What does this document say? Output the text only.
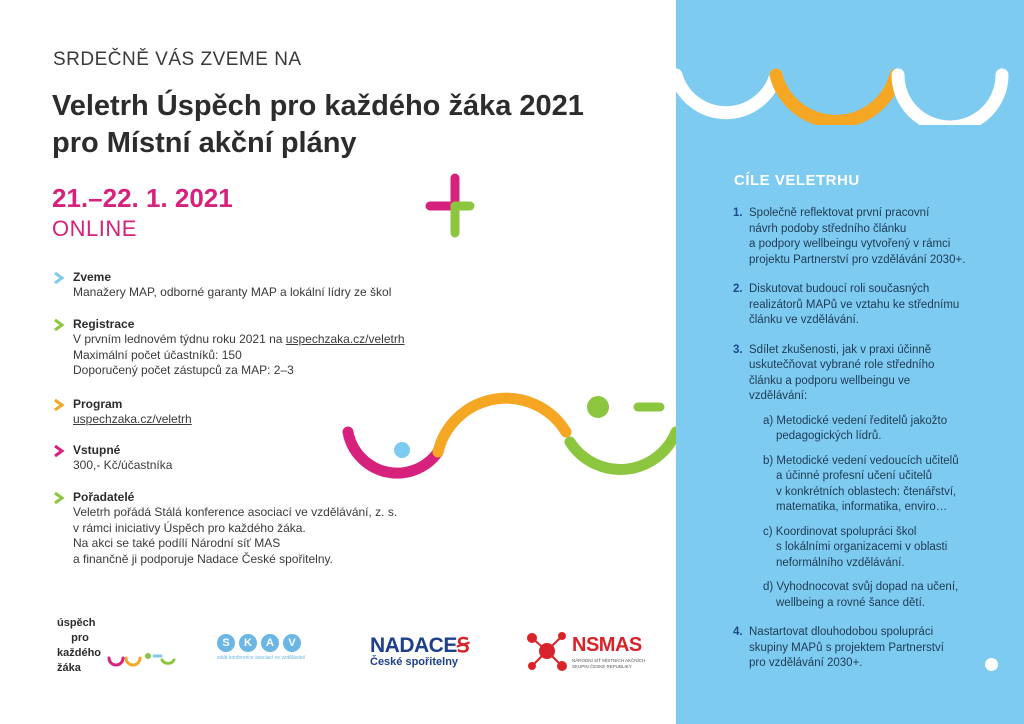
SRDEČNĚ VÁS ZVEME NA
Veletrh Úspěch pro každého žáka 2021
pro Místní akční plány
21.–22. 1. 2021
ONLINE
Zveme
Manažery MAP, odborné garanty MAP a lokální lídry ze škol
Registrace
V prvním lednovém týdnu roku 2021 na uspechzaka.cz/veletrh
Maximální počet účastníků: 150
Doporučený počet zástupců za MAP: 2–3
Program
uspechzaka.cz/veletrh
Vstupné
300,- Kč/účastníka
Pořadatelé
Veletrh pořádá Stálá konference asociací ve vzdělávání, z. s.
v rámci iniciativy Úspěch pro každého žáka.
Na akci se také podílí Národní síť MAS
a finančně ji podporuje Nadace České spořitelny.
úspěch
pro
každého
žáka
S	K	A	V
stálá konference asociací ve vzdělávání
NADACEꞨ
České spořitelny
NSMAS
NÁRODNÍ SÍŤ MÍSTNÍCH AKČNÍCH SKUPIN ČESKÉ REPUBLIKY
CÍLE VELETRHU
1. Společně reflektovat první pracovní
návrh podoby středního článku
a podpory wellbeingu vytvořený v rámci
projektu Partnerství pro vzdělávání 2030+.
2. Diskutovat budoucí roli současných
realizátorů MAPů ve vztahu ke střednímu
článku ve vzdělávání.
3. Sdílet zkušenosti, jak v praxi účinně
uskutečňovat vybrané role středního
článku a podporu wellbeingu ve
vzdělávání:
a) Metodické vedení ředitelů jakožto
pedagogických lídrů.
b) Metodické vedení vedoucích učitelů
a účinné profesní učení učitelů
v konkrétních oblastech: čtenářství,
matematika, informatika, enviro…
c) Koordinovat spolupráci škol
s lokálními organizacemi v oblasti
neformálního vzdělávání.
d) Vyhodnocovat svůj dopad na učení,
wellbeing a rovné šance dětí.
4. Nastartovat dlouhodobou spolupráci
skupiny MAPů s projektem Partnerství
pro vzdělávání 2030+.
